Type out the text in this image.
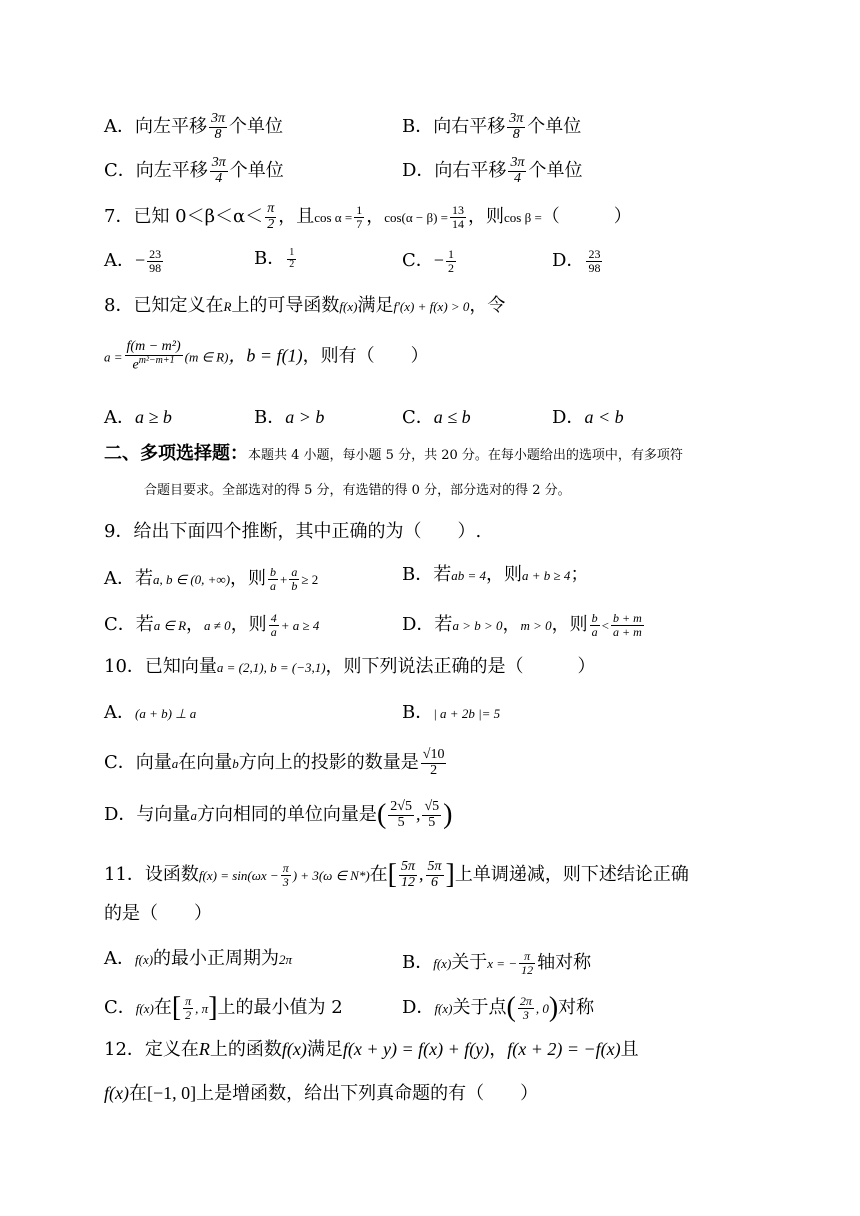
A．向左平移 $\frac{3\pi}{8}$ 个单位	B．向右平移 $\frac{3\pi}{8}$ 个单位
C．向左平移 $\frac{3\pi}{4}$ 个单位	D．向右平移 $\frac{3\pi}{4}$ 个单位
7．已知 $0<\beta<\alpha< \frac{\pi}{2}$ ，且$\cos \alpha = \frac{1}{7}$ ，$\cos(\alpha - \beta) = \frac{13}{14}$ ，则cos β =（　　　）
A．− $\frac{23}{98}$	B． $\frac{1}{2}$	C．− $\frac{1}{2}$	D． $\frac{23}{98}$
8．已知定义在R上的可导函数f(x)满足f′(x) + f(x) > 0，令
$a = \frac{\text{f(m − m²)}}{e^{m^2-m+1}} (m$ ∈ R)，b = f(1)，则有（　　）
A．a ≥ b	B．a > b	C．a ≤ b	D．a < b
二、多项选择题：本题共 4 小题，每小题 5 分，共 20 分。在每小题给出的选项中，有多项符
合题目要求。全部选对的得 5 分，有选错的得 0 分，部分选对的得 2 分。
9．给出下面四个推断，其中正确的为（　　）.
A．若a, b ∈ (0, +∞)，则 $\frac{b}{a} + \frac{a}{b} \ge 2$	B．若ab = 4，则a + b ≥ 4；
C．若a ∈ R，a ≠ 0，则 $\frac{4}{a} + a \ge 4$	D．若a > b > 0，m > 0，则 $\frac{b}{a} < \frac{b + m}{a + m}$
10．已知向量a = (2,1), b = (−3,1)，则下列说法正确的是（　　　）
A．(a + b) ⊥ a	B．| a + 2b |= 5
C．向量a在向量b方向上的投影的数量是 $\frac{√10}{2}$
D．与向量a方向相同的单位向量是( $\frac{2√5}{5}$ , $\frac{√5}{5}$ )
11．设函数$f(x) = \sin(\omega x - \frac{\pi}{3}$ ) + 3(ω ∈ N*)在[ $\frac{5\pi}{12}$ , $\frac{5\pi}{6}$ ]上单调递减，则下述结论正确
的是（　　）
A．f(x)的最小正周期为2π	B．f(x)关于x = − $\frac{\pi}{12}$ 轴对称
C．f(x)在[ $\frac{\pi}{2}$ , π]上的最小值为 2	D．f(x)关于点( $\frac{2\pi}{3}$ , 0)对称
12．定义在R上的函数f(x)满足f(x + y) = f(x) + f(y)，f(x + 2) = −f(x)且
f(x)在[−1, 0]上是增函数，给出下列真命题的有（　　）
